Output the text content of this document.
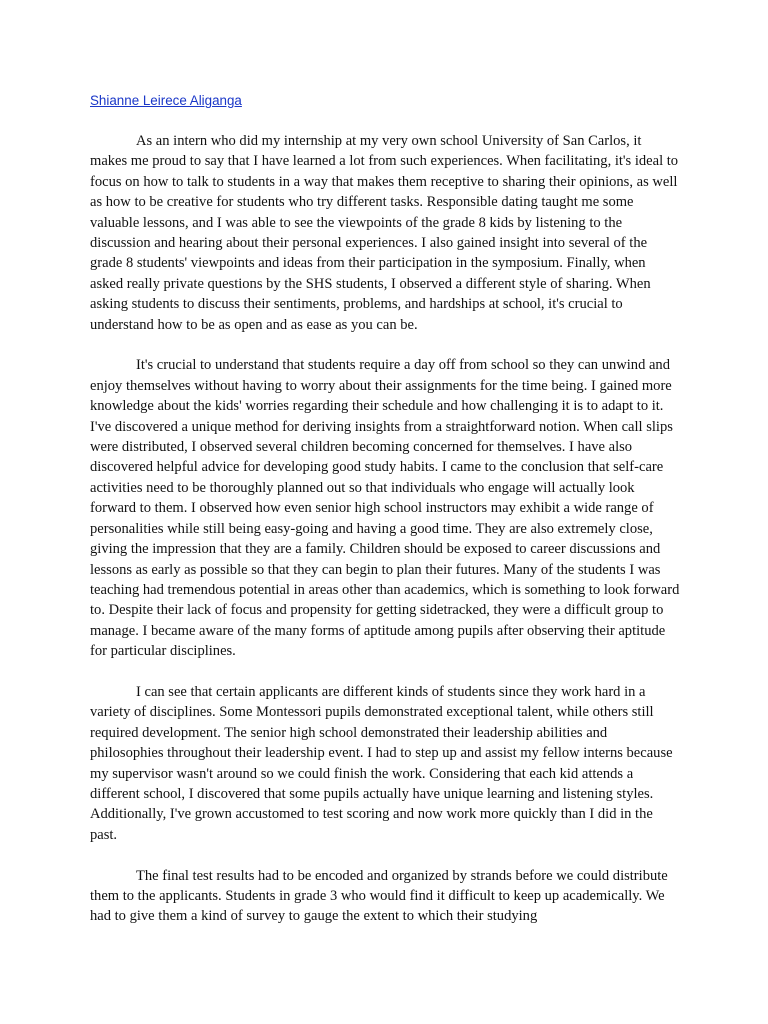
Shianne Leirece Aliganga

As an intern who did my internship at my very own school University of San Carlos, it makes me proud to say that I have learned a lot from such experiences. When facilitating, it's ideal to focus on how to talk to students in a way that makes them receptive to sharing their opinions, as well as how to be creative for students who try different tasks. Responsible dating taught me some valuable lessons, and I was able to see the viewpoints of the grade 8 kids by listening to the discussion and hearing about their personal experiences. I also gained insight into several of the grade 8 students' viewpoints and ideas from their participation in the symposium. Finally, when asked really private questions by the SHS students, I observed a different style of sharing. When asking students to discuss their sentiments, problems, and hardships at school, it's crucial to understand how to be as open and as ease as you can be.

It's crucial to understand that students require a day off from school so they can unwind and enjoy themselves without having to worry about their assignments for the time being. I gained more knowledge about the kids' worries regarding their schedule and how challenging it is to adapt to it. I've discovered a unique method for deriving insights from a straightforward notion. When call slips were distributed, I observed several children becoming concerned for themselves. I have also discovered helpful advice for developing good study habits. I came to the conclusion that self-care activities need to be thoroughly planned out so that individuals who engage will actually look forward to them. I observed how even senior high school instructors may exhibit a wide range of personalities while still being easy-going and having a good time. They are also extremely close, giving the impression that they are a family. Children should be exposed to career discussions and lessons as early as possible so that they can begin to plan their futures. Many of the students I was teaching had tremendous potential in areas other than academics, which is something to look forward to. Despite their lack of focus and propensity for getting sidetracked, they were a difficult group to manage. I became aware of the many forms of aptitude among pupils after observing their aptitude for particular disciplines.

I can see that certain applicants are different kinds of students since they work hard in a variety of disciplines. Some Montessori pupils demonstrated exceptional talent, while others still required development. The senior high school demonstrated their leadership abilities and philosophies throughout their leadership event. I had to step up and assist my fellow interns because my supervisor wasn't around so we could finish the work. Considering that each kid attends a different school, I discovered that some pupils actually have unique learning and listening styles. Additionally, I've grown accustomed to test scoring and now work more quickly than I did in the past.

The final test results had to be encoded and organized by strands before we could distribute them to the applicants. Students in grade 3 who would find it difficult to keep up academically. We had to give them a kind of survey to gauge the extent to which their studying
